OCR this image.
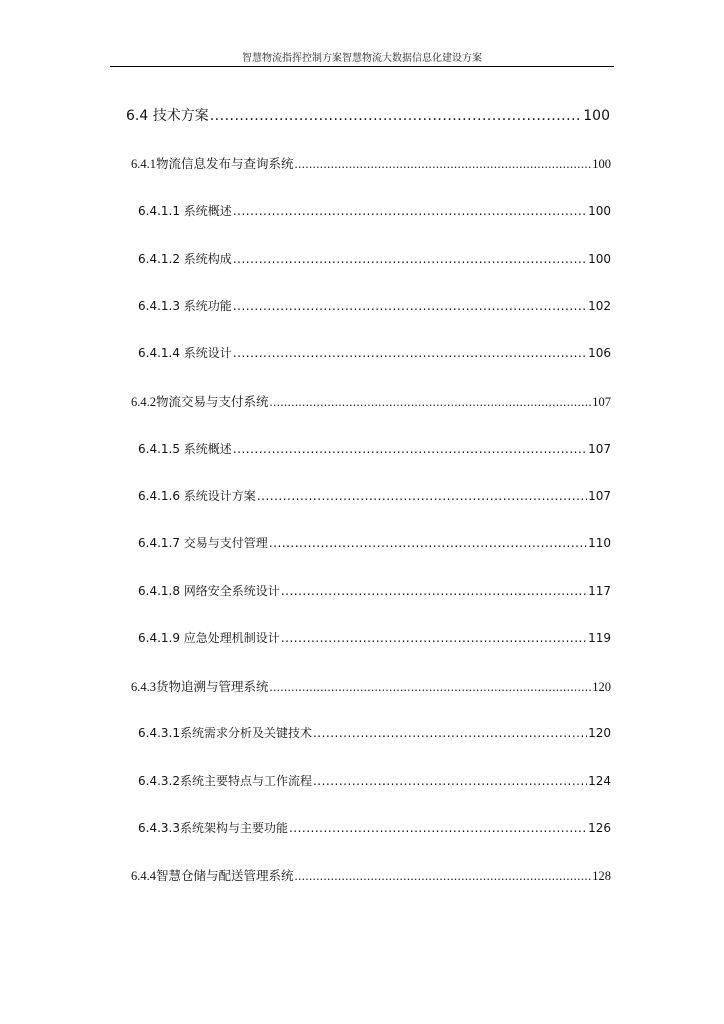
智慧物流指挥控制方案智慧物流大数据信息化建设方案
6.4 技术方案 .....	100
6.4.1物流信息发布与查询系统 .....	100
6.4.1.1 系统概述 .....	100
6.4.1.2 系统构成 .....	100
6.4.1.3 系统功能 .....	102
6.4.1.4 系统设计 .....	106
6.4.2物流交易与支付系统 .....	107
6.4.1.5 系统概述 .....	107
6.4.1.6 系统设计方案 .....	107
6.4.1.7 交易与支付管理 .....	110
6.4.1.8 网络安全系统设计 .....	117
6.4.1.9 应急处理机制设计 .....	119
6.4.3货物追溯与管理系统 .....	120
6.4.3.1系统需求分析及关键技术 .....	120
6.4.3.2系统主要特点与工作流程 .....	124
6.4.3.3系统架构与主要功能 .....	126
6.4.4智慧仓储与配送管理系统 .....	128
